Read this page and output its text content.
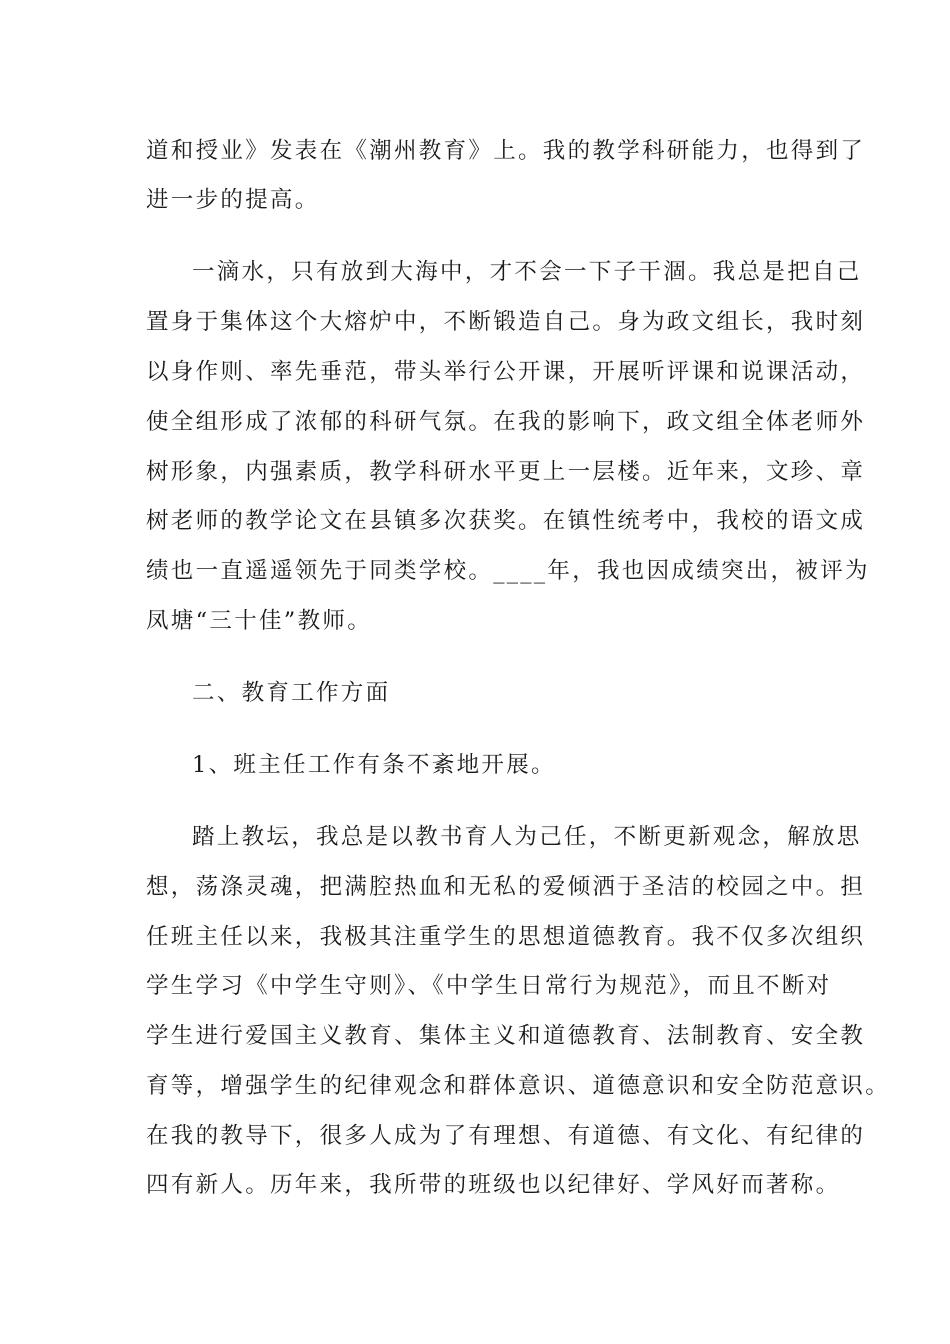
道和授业》发表在《潮州教育》上。我的教学科研能力，也得到了

进一步的提高。

一滴水，只有放到大海中，才不会一下子干涸。我总是把自己

置身于集体这个大熔炉中，不断锻造自己。身为政文组长，我时刻

以身作则、率先垂范，带头举行公开课，开展听评课和说课活动，

使全组形成了浓郁的科研气氛。在我的影响下，政文组全体老师外

树形象，内强素质，教学科研水平更上一层楼。近年来，文珍、章

树老师的教学论文在县镇多次获奖。在镇性统考中，我校的语文成

绩也一直遥遥领先于同类学校。____年，我也因成绩突出，被评为

凤塘“三十佳”教师。

二、教育工作方面

1、班主任工作有条不紊地开展。

踏上教坛，我总是以教书育人为己任，不断更新观念，解放思

想，荡涤灵魂，把满腔热血和无私的爱倾洒于圣洁的校园之中。担

任班主任以来，我极其注重学生的思想道德教育。我不仅多次组织

学生学习《中学生守则》、《中学生日常行为规范》，而且不断对

学生进行爱国主义教育、集体主义和道德教育、法制教育、安全教

育等，增强学生的纪律观念和群体意识、道德意识和安全防范意识。

在我的教导下，很多人成为了有理想、有道德、有文化、有纪律的

四有新人。历年来，我所带的班级也以纪律好、学风好而著称。
